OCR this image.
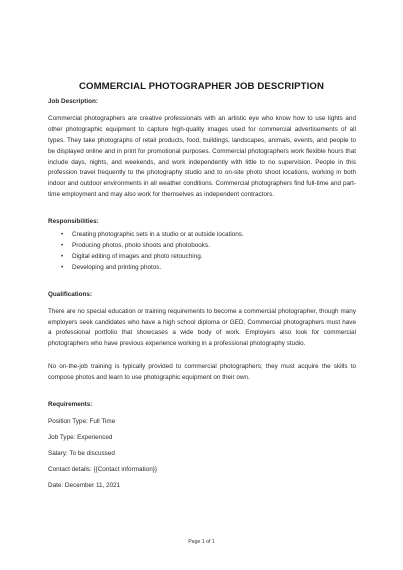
COMMERCIAL PHOTOGRAPHER JOB DESCRIPTION

Job Description:

Commercial photographers are creative professionals with an artistic eye who know how to use lights and other photographic equipment to capture high-quality images used for commercial advertisements of all types. They take photographs of retail products, food, buildings, landscapes, animals, events, and people to be displayed online and in print for promotional purposes. Commercial photographers work flexible hours that include days, nights, and weekends, and work independently with little to no supervision. People in this profession travel frequently to the photography studio and to on-site photo shoot locations, working in both indoor and outdoor environments in all weather conditions. Commercial photographers find full-time and part-time employment and may also work for themselves as independent contractors.

Responsibilities:

• Creating photographic sets in a studio or at outside locations.
• Producing photos, photo shoots and photobooks.
• Digital editing of images and photo retouching.
• Developing and printing photos.

Qualifications:

There are no special education or training requirements to become a commercial photographer, though many employers seek candidates who have a high school diploma or GED. Commercial photographers must have a professional portfolio that showcases a wide body of work. Employers also look for commercial photographers who have previous experience working in a professional photography studio.

No on-the-job training is typically provided to commercial photographers; they must acquire the skills to compose photos and learn to use photographic equipment on their own.

Requirements:

Position Type: Full Time

Job Type: Experienced

Salary: To be discussed

Contact details: {{Contact information}}

Date: December 11, 2021

Page 1 of 1
